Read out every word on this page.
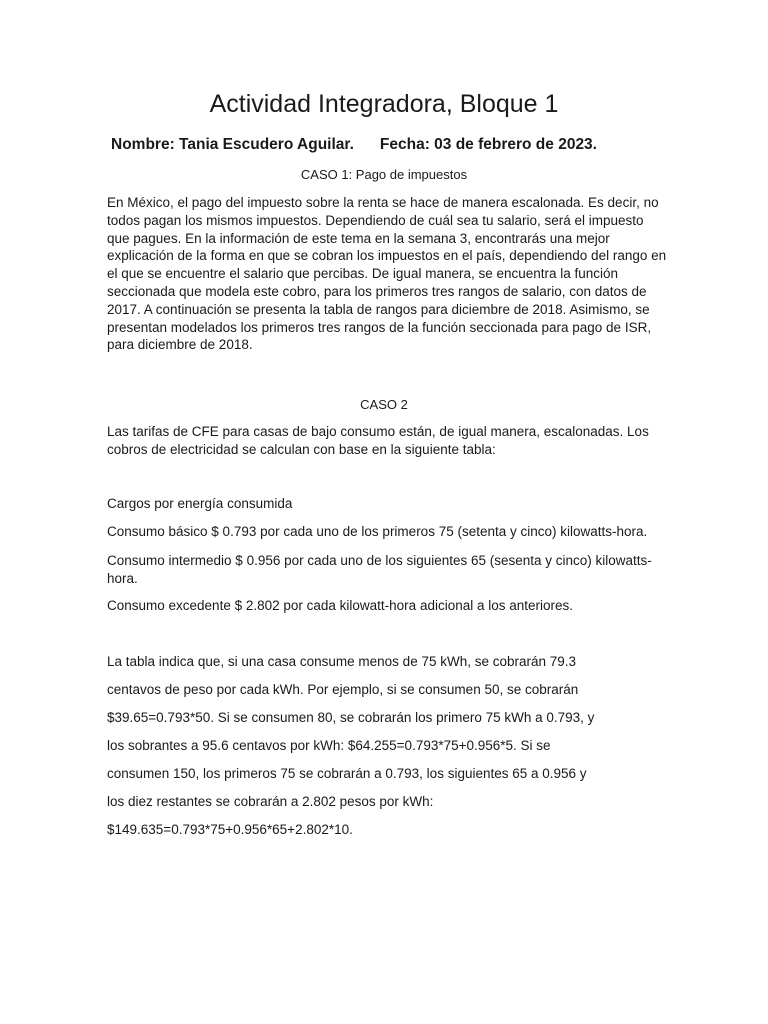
Actividad Integradora, Bloque 1
Nombre: Tania Escudero Aguilar. Fecha: 03 de febrero de 2023.

CASO 1: Pago de impuestos

En México, el pago del impuesto sobre la renta se hace de manera escalonada. Es decir, no todos pagan los mismos impuestos. Dependiendo de cuál sea tu salario, será el impuesto que pagues. En la información de este tema en la semana 3, encontrarás una mejor explicación de la forma en que se cobran los impuestos en el país, dependiendo del rango en el que se encuentre el salario que percibas. De igual manera, se encuentra la función seccionada que modela este cobro, para los primeros tres rangos de salario, con datos de 2017. A continuación se presenta la tabla de rangos para diciembre de 2018. Asimismo, se presentan modelados los primeros tres rangos de la función seccionada para pago de ISR, para diciembre de 2018.

CASO 2

Las tarifas de CFE para casas de bajo consumo están, de igual manera, escalonadas. Los cobros de electricidad se calculan con base en la siguiente tabla:

Cargos por energía consumida

Consumo básico $ 0.793 por cada uno de los primeros 75 (setenta y cinco) kilowatts-hora.

Consumo intermedio $ 0.956 por cada uno de los siguientes 65 (sesenta y cinco) kilowatts-hora.

Consumo excedente $ 2.802 por cada kilowatt-hora adicional a los anteriores.

La tabla indica que, si una casa consume menos de 75 kWh, se cobrarán 79.3

centavos de peso por cada kWh. Por ejemplo, si se consumen 50, se cobrarán

$39.65=0.793*50. Si se consumen 80, se cobrarán los primero 75 kWh a 0.793, y

los sobrantes a 95.6 centavos por kWh: $64.255=0.793*75+0.956*5. Si se

consumen 150, los primeros 75 se cobrarán a 0.793, los siguientes 65 a 0.956 y

los diez restantes se cobrarán a 2.802 pesos por kWh:

$149.635=0.793*75+0.956*65+2.802*10.
